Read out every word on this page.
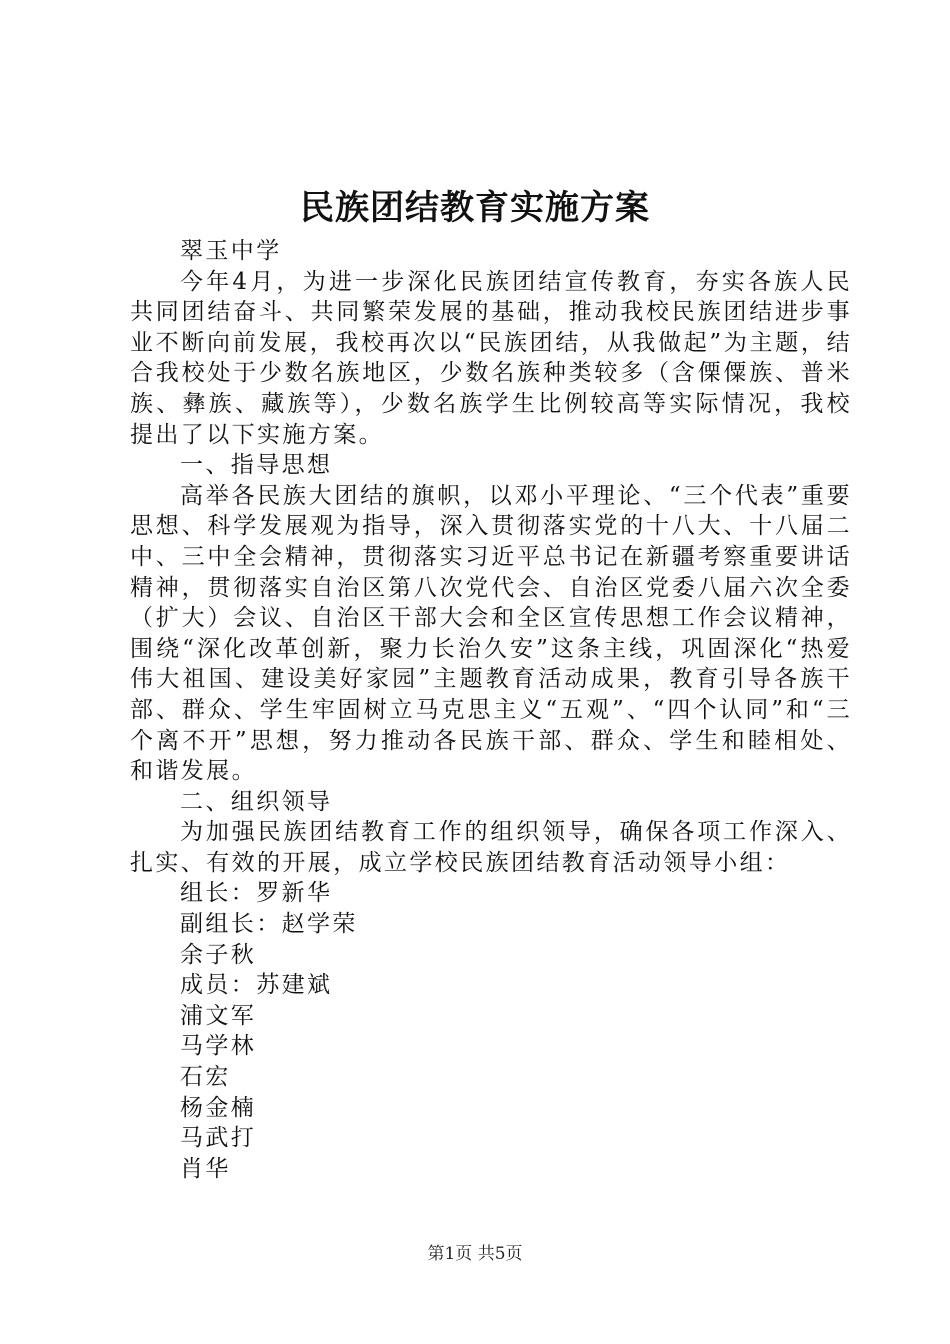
民族团结教育实施方案

翠玉中学

今年4月，为进一步深化民族团结宣传教育，夯实各族人民共同团结奋斗、共同繁荣发展的基础，推动我校民族团结进步事业不断向前发展，我校再次以“民族团结，从我做起”为主题，结合我校处于少数名族地区，少数名族种类较多（含傈僳族、普米族、彝族、藏族等），少数名族学生比例较高等实际情况，我校提出了以下实施方案。

一、指导思想

高举各民族大团结的旗帜，以邓小平理论、“三个代表”重要思想、科学发展观为指导，深入贯彻落实党的十八大、十八届二中、三中全会精神，贯彻落实习近平总书记在新疆考察重要讲话精神，贯彻落实自治区第八次党代会、自治区党委八届六次全委（扩大）会议、自治区干部大会和全区宣传思想工作会议精神，围绕“深化改革创新，聚力长治久安”这条主线，巩固深化“热爱伟大祖国、建设美好家园”主题教育活动成果，教育引导各族干部、群众、学生牢固树立马克思主义“五观”、“四个认同”和“三个离不开”思想，努力推动各民族干部、群众、学生和睦相处、和谐发展。

二、组织领导

为加强民族团结教育工作的组织领导，确保各项工作深入、扎实、有效的开展，成立学校民族团结教育活动领导小组：

组长：罗新华

副组长：赵学荣

余子秋

成员：苏建斌

浦文军

马学林

石宏

杨金楠

马武打

肖华

第1页 共5页
